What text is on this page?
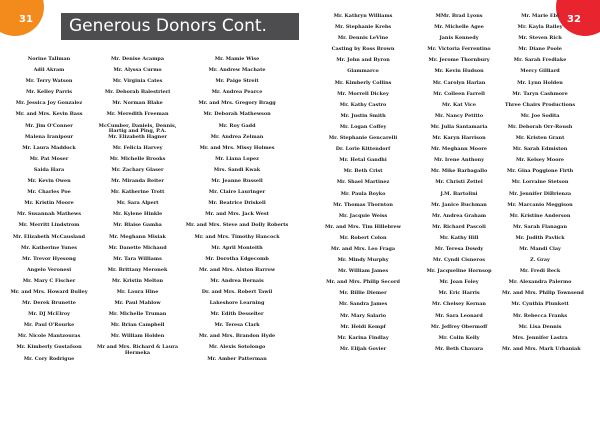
31 Generous Donors Cont.
Norine Tallman
Adil Akram
Mr. Terry Watson
Mr. Kelley Parris
Mr. Jessica Joy Gonzalez
Mr. and Mrs. Kevin Bass
Mr. Jim O'Conner
Malena Iranipour
Mr. Laura Maddock
Mr. Pat Moser
Saida Hara
Mr. Kevin Owen
Mr. Charles Poe
Mr. Kristin Moore
Mr. Susannah Mathews
Mr. Merritt Lindstrom
Mr. Elizabeth McCausland
Mr. Katherine Yunes
Mr. Trevor Hyesong
Angelo Veronesi
Mr. Mary C Fischer
Mr. and Mrs. Howard Bulley
Mr. Derek Brunette
Mr. DJ McElroy
Mr. Paul O'Rourke
Mr. Nicole Mantzouras
Mr. Kimberly Gustafson
Mr. Cory Rodrigue
Mr. Denise Acampa
Mr. Alyssa Curmo
Mr. Virginia Cates
Mr. Deborah Balestrieri
Mr. Norman Blake
Mr. Meredith Freeman
McCumber, Daniels, Dennis, Hartig and Ping, P.A.
Mr. Elizabeth Hagner
Mr. Felicia Harvey
Mr. Michelle Brooks
Mr. Zachary Glaser
Mr. Miranda Beiter
Mr. Katherine Trott
Mr. Sara Alpert
Mr. Kylene Hinkle
Mr. Blaise Gamba
Mr. Meghann Misiak
Mr. Danette Michaud
Mr. Tara Williams
Mr. Brittany Meronek
Mr. Kristin Melton
Mr. Laura Hine
Mr. Paul Mahlow
Mr. Michelle Truman
Mr. Brian Campbell
Mr. William Holden
Mr and Mrs. Richard & Laura Hermeka
Mr. Mamie Wise
Mr. Andrew Machate
Mr. Paige Streit
Mr. Andrea Pearce
Mr. and Mrs. Gregory Bragg
Mr. Deborah Mathewson
Mr. Roy Gadd
Mr. Andrea Zelman
Mr. and Mrs. Missy Holmes
Mr. Liana Lopez
Mrs. Sandi Kwak
Mr. Jeanne Russell
Mr. Claire Lauringer
Mr. Beatrice Driskell
Mr. and Mrs. Jack West
Mr. and Mrs. Steve and Dolly Roberts
Mr. and Mrs. Timothy Hancock
Mr. April Monteith
Mr. Dorotha Edgecomb
Mr. and Mrs. Alston Barrow
Mr. Andrea Bernais
Dr. and Mrs. Robert Tawil
Lakeshore Learning
Mr. Edith Desselter
Mr. Teresa Clark
Mr. and Mrs. Brandon Hyde
Mr. Alexis Sotolongo
Mr. Amber Patterman
32
Mr. Kathryn Williams
Mr. Stephanie Krebs
Mr. Dennis LeVine
Casting by Ross Brown
Mr. John and Byron
Giammarco
Mr. Kimberly Collins
Mr. Morrell Dickey
Mr. Kathy Castro
Mr. Justin Smith
Mr. Logan Coffey
Mr. Stephanie Gencarelli
Dr. Lorie Kittendorf
Mr. Hetal Gandhi
Mr. Beth Crist
Mr. Shael Martinez
Mr. Paula Boyko
Mr. Thomas Thornton
Mr. Jacquie Weiss
Mr. and Mrs. Tim Hillebrew
Mr. Robert Colon
Mr. and Mrs. Leo Fraga
Mr. Mindy Murphy
Mr. William James
Mr. and Mrs. Philip Secord
Mr. Billie Diemer
Mr. Sandra James
Mr. Mary Salario
Mr. Heidi Kempf
Mr. Karina Findlay
Mr. Elijah Govier
MMr. Brad Lyons
Mr. Michelle Agee
Janis Kennedy
Mr. Victoria Ferrentino
Mr. Jerome Thornbury
Mr. Kevin Hudson
Mr. Carolyn Harlan
Mr. Colleen Farrell
Mr. Kat Vice
Mr. Nancy Petitto
Mr. Julia Santamaria
Mr. Karyn Harrison
Mr. Meghann Moore
Mr. Irene Anthony
Mr. Mike Barbagallo
Mr. Christi Zettel
J.M. Bartolini
Mr. Janice Buchman
Mr. Andrea Graham
Mr. Richard Pascoli
Mr. Kathy Hill
Mr. Teresa Dowdy
Mr. Cyndi Cisneros
Mr. Jacqueline Hornsop
Mr. Joan Foley
Mr. Eric Harris
Mr. Chelsey Kernan
Mr. Sara Leonard
Mr. Jeffrey Obermoff
Mr. Colin Kelly
Mr. Beth Chavara
Mr. Marie Ebl
Mr. Kayla Bailey
Mr. Steven Rich
Mr. Diane Poole
Mr. Sarah Fredlake
Mercy Gilliard
Mr. Lynn Holden
Mr. Taryn Cashmore
Three Chairs Productions
Mr. Joe Sodita
Mr. Deborah Orr-Roush
Mr. Kristen Grant
Mr. Sarah Edmiston
Mr. Kelsey Moore
Mr. Gina Poggione Firth
Mr. Lorraine Stetson
Mr. Jennifer DiBrienza
Mr. Marcanio Meggison
Mr. Kristine Anderson
Mr. Sarah Flanagan
Mr. Judith Pavlick
Mr. Mandi Clay
Z. Gray
Mr. Fredi Beck
Mr. Alexandra Palermo
Mr. and Mrs. Philip Townsend
Mr. Cynthia Plunkett
Mr. Rebecca Franks
Mr. Lisa Dennis
Mrs. Jennifer Lastra
Mr. and Mrs. Mark Urbaniak
